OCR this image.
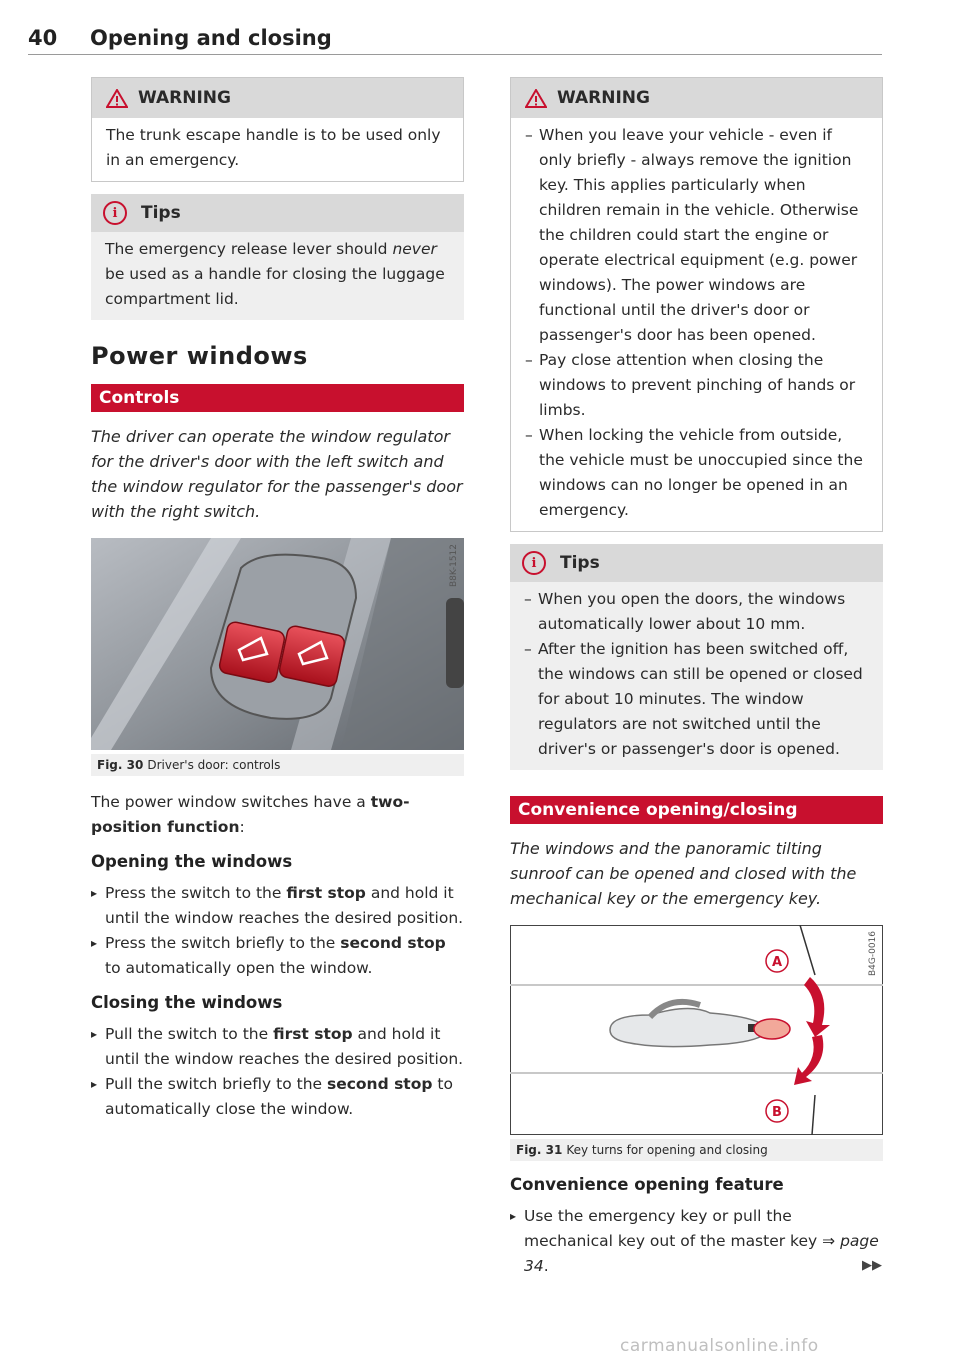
40 Opening and closing
WARNING
The trunk escape handle is to be used only in an emergency.
i	Tips
The emergency release lever should never be used as a handle for closing the luggage compartment lid.
Power windows
Controls
The driver can operate the window regulator for the driver's door with the left switch and the window regulator for the passenger's door with the right switch.
B8K-1512
Fig. 30 Driver's door: controls

The power window switches have a two-position function:

Opening the windows
▸ Press the switch to the first stop and hold it until the window reaches the desired position.
▸ Press the switch briefly to the second stop to automatically open the window.
Closing the windows
▸ Pull the switch to the first stop and hold it until the window reaches the desired position.
▸ Pull the switch briefly to the second stop to automatically close the window.
WARNING
– When you leave your vehicle - even if only briefly - always remove the ignition key. This applies particularly when children remain in the vehicle. Otherwise the children could start the engine or operate electrical equipment (e.g. power windows). The power windows are functional until the driver's door or passenger's door has been opened.
– Pay close attention when closing the windows to prevent pinching of hands or limbs.
– When locking the vehicle from outside, the vehicle must be unoccupied since the windows can no longer be opened in an emergency.
i	Tips
– When you open the doors, the windows automatically lower about 10 mm.
– After the ignition has been switched off, the windows can still be opened or closed for about 10 minutes. The window regulators are not switched until the driver's or passenger's door is opened.
Convenience opening/closing
The windows and the panoramic tilting sunroof can be opened and closed with the mechanical key or the emergency key.
A
B
B4G-0016
Fig. 31 Key turns for opening and closing
Convenience opening feature
▸ Use the emergency key or pull the mechanical key out of the master key ⇒ page 34.	▶▶
carmanualsonline.info
